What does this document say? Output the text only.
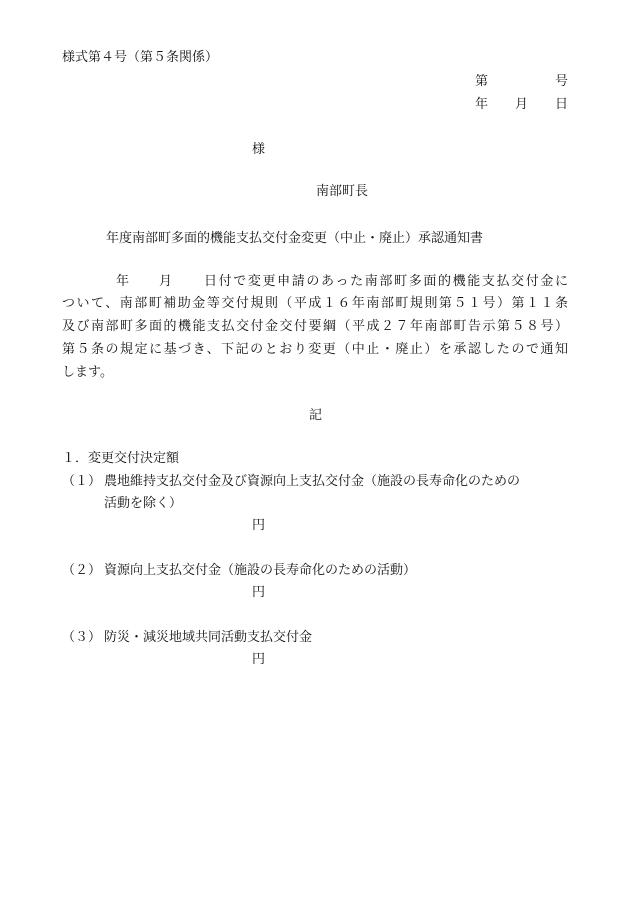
様式第４号（第５条関係）
第	号
年 月 日
様
南部町長
年度南部町多面的機能支払交付金変更（中止・廃止）承認通知書
年 月 日付で変更申請のあった南部町多面的機能支払交付金に
ついて、南部町補助金等交付規則（平成１６年南部町規則第５１号）第１１条
及び南部町多面的機能支払交付金交付要綱（平成２７年南部町告示第５８号）
第５条の規定に基づき、下記のとおり変更（中止・廃止）を承認したので通知
します。
記
１．変更交付決定額
（１） 農地維持支払交付金及び資源向上支払交付金（施設の長寿命化のための
活動を除く）
円
（２） 資源向上支払交付金（施設の長寿命化のための活動）
円
（３） 防災・減災地域共同活動支払交付金
円
